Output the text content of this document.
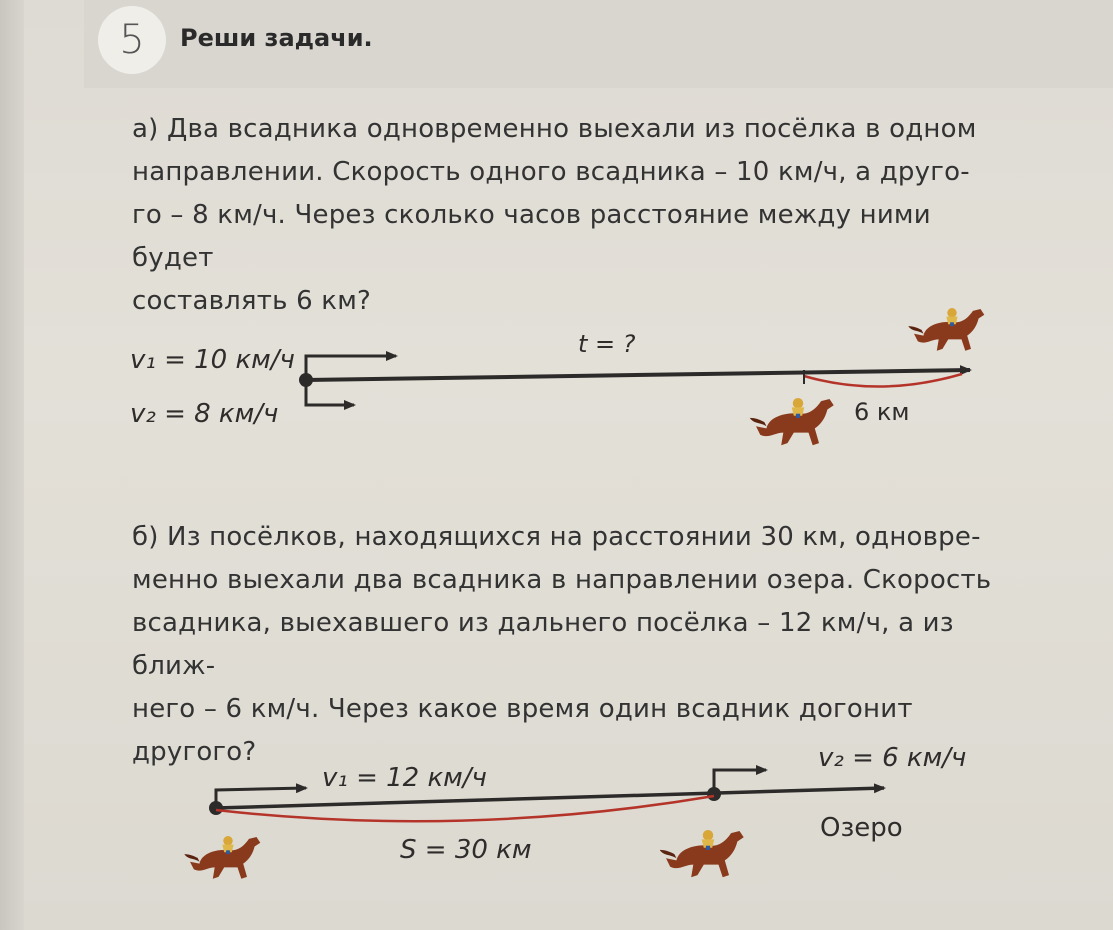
5	Реши задачи.
а) Два всадника одновременно выехали из посёлка в одном
направлении. Скорость одного всадника – 10 км/ч, а друго-
го – 8 км/ч. Через сколько часов расстояние между ними будет
составлять 6 км?
б) Из посёлков, находящихся на расстоянии 30 км, одновре-
менно выехали два всадника в направлении озера. Скорость
всадника, выехавшего из дальнего посёлка – 12 км/ч, а из ближ-
него – 6 км/ч. Через какое время один всадник догонит другого?
v₁ = 10 км/ч
v₂ = 8 км/ч
t = ?
6 км
v₁ = 12 км/ч
v₂ = 6 км/ч
S = 30 км
Озеро
